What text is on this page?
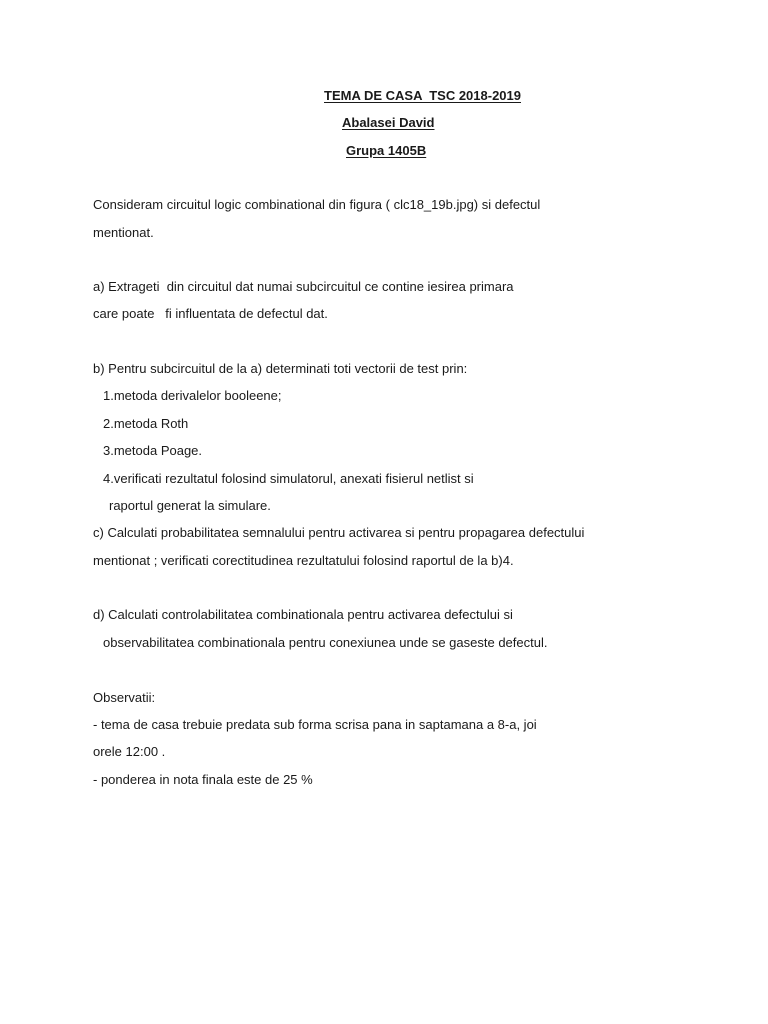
TEMA DE CASA  TSC 2018-2019
Abalasei David
Grupa 1405B
Consideram circuitul logic combinational din figura ( clc18_19b.jpg) si defectul
mentionat.
a) Extrageti  din circuitul dat numai subcircuitul ce contine iesirea primara
care poate   fi influentata de defectul dat.
b) Pentru subcircuitul de la a) determinati toti vectorii de test prin:
1.metoda derivalelor booleene;
2.metoda Roth
3.metoda Poage.
4.verificati rezultatul folosind simulatorul, anexati fisierul netlist si
raportul generat la simulare.
c) Calculati probabilitatea semnalului pentru activarea si pentru propagarea defectului
mentionat ; verificati corectitudinea rezultatului folosind raportul de la b)4.
d) Calculati controlabilitatea combinationala pentru activarea defectului si
observabilitatea combinationala pentru conexiunea unde se gaseste defectul.
Observatii:
- tema de casa trebuie predata sub forma scrisa pana in saptamana a 8-a, joi
orele 12:00 .
- ponderea in nota finala este de 25 %
